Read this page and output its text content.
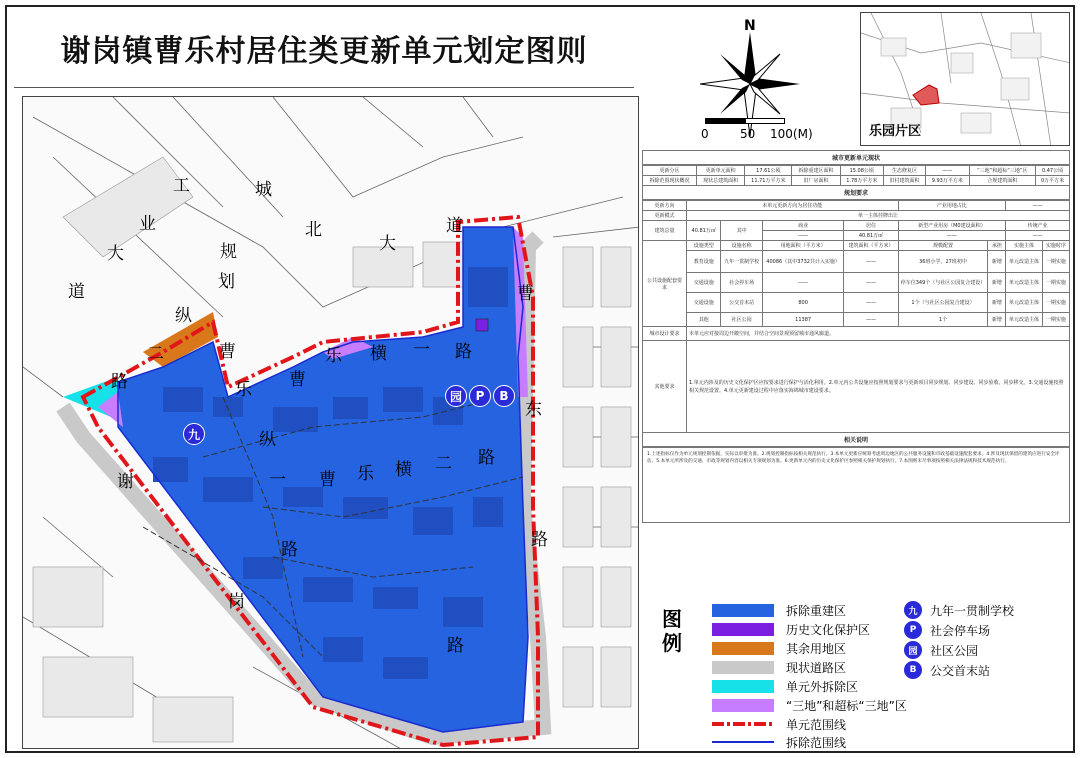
谢岗镇曹乐村居住类更新单元划定图则
工	城
业
大	规
道	划
北
大
道
纵
二	曹
乐
路	曹
乐 横 一 路
曹
东
路
纵
一
路
曹 乐 横 二 路
谢
岗
路
九
园	P	B
N
0	50 100(M)	乐园片区
城市更新单元现状
更新分区	更新单元面积	17.61公顷	拆除重建区面积	15.08公顷	生态修复区	——	“三地”和超标“三地”区	0.47公顷
拆除范围现状概况	现状总建筑面积	11.71万平方米	旧厂房面积	1.78万平方米	旧村建筑面积	9.93万平方米	合规建筑面积	0万平方米
规划要求
更新方向	本单元更新方向为居住功能				产业用地占比		——	
更新模式	单一主体挂牌出让							
建筑总量	40.81万㎡	其中	商业	居住	新型产业用房（M0建设面积）		传统产业	
			——	40.81万㎡	——		——	
公共设施配套要求	设施类型	设施名称	用地面积（平方米）	建筑面积（平方米）	规模配置	承担	实施主体	实施时序
	教育设施	九年一贯制学校	40086（其中3732共计入实施）	——	36班小学、27班初中	新增	单元改造主体	一期实施
	交通设施	社会停车场	——	——	停车位349个（与社区公园复合建设）	新增	单元改造主体	一期实施
	交通设施	公交首末站	800	——	1个（与社区公园复合建设）	新增	单元改造主体	一期实施
	其他	社区公园	11387	——	1个	新增	单元改造主体	一期实施
城市设计要求	本单元应对接周边开敞空间，并结合空间景观预留城市通风廊道。							
其他要求	1.单元内涉及的历史文化保护区应按要求进行保护与活化利用。2.单元内公共设施应按照规划要求与更新项目同步规划、同步建设、同步验收、同步移交。3.交通设施按照相关规范设置。4.单元更新建设过程中应落实海绵城市建设要求。							
相关说明
1.上述指标仅作为单元规划控制依据，实际以审批为准。2.规划控制指标按相关规范执行。3.本单元更新应统筹考虑周边地区的公共服务设施和市政基础设施配套要求。4.涉及现状保留的建筑应进行安全评估。5.本单元所涉及的交通、市政等规划内容以相关专项规划为准。6.更新单元内的历史文化保护区参照相关保护规划执行。7.本图则未尽事项按照相关法律法规和技术规范执行。
图例
拆除重建区
历史文化保护区
其余用地区
现状道路区
单元外拆除区
“三地”和超标“三地”区
单元范围线
拆除范围线
九	九年一贯制学校
P	社会停车场
园	社区公园
B	公交首末站
